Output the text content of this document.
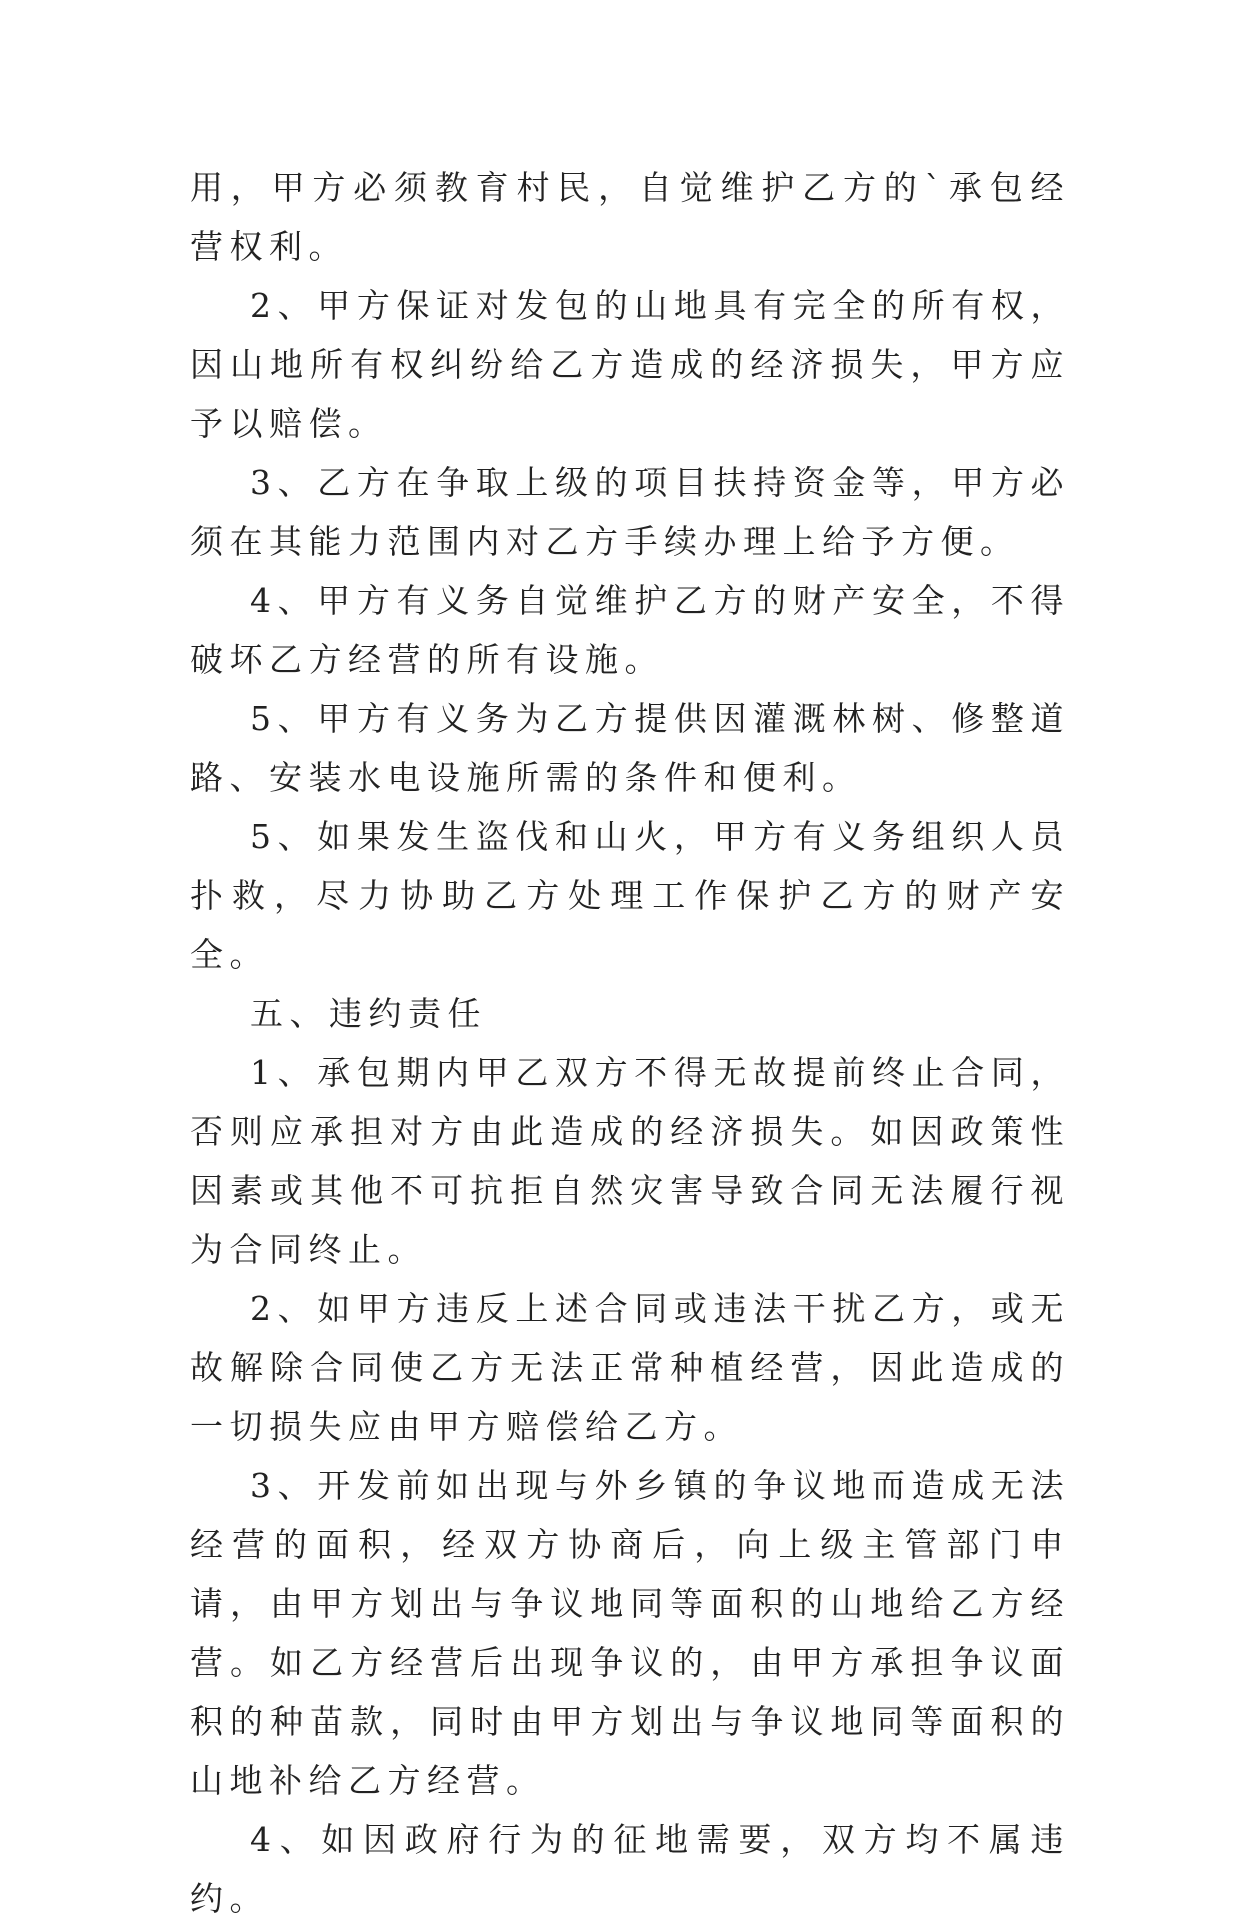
用，甲方必须教育村民，自觉维护乙方的`承包经营权利。

2、甲方保证对发包的山地具有完全的所有权，因山地所有权纠纷给乙方造成的经济损失，甲方应予以赔偿。

3、乙方在争取上级的项目扶持资金等，甲方必须在其能力范围内对乙方手续办理上给予方便。

4、甲方有义务自觉维护乙方的财产安全，不得破坏乙方经营的所有设施。

5、甲方有义务为乙方提供因灌溉林树、修整道路、安装水电设施所需的条件和便利。

5、如果发生盗伐和山火，甲方有义务组织人员扑救，尽力协助乙方处理工作保护乙方的财产安全。

五、违约责任

1、承包期内甲乙双方不得无故提前终止合同，否则应承担对方由此造成的经济损失。如因政策性因素或其他不可抗拒自然灾害导致合同无法履行视为合同终止。

2、如甲方违反上述合同或违法干扰乙方，或无故解除合同使乙方无法正常种植经营，因此造成的一切损失应由甲方赔偿给乙方。

3、开发前如出现与外乡镇的争议地而造成无法经营的面积，经双方协商后，向上级主管部门申请，由甲方划出与争议地同等面积的山地给乙方经营。如乙方经营后出现争议的，由甲方承担争议面积的种苗款，同时由甲方划出与争议地同等面积的山地补给乙方经营。

4、如因政府行为的征地需要，双方均不属违约。
